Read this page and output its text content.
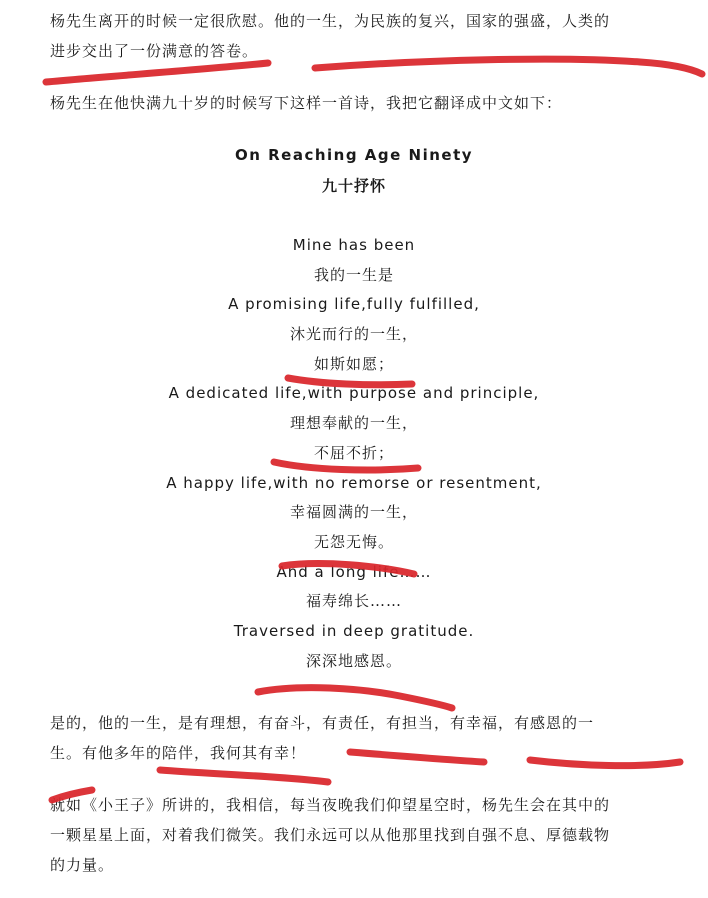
杨先生离开的时候一定很欣慰。他的一生，为民族的复兴，国家的强盛，人类的
进步交出了一份满意的答卷。
杨先生在他快满九十岁的时候写下这样一首诗，我把它翻译成中文如下：
On Reaching Age Ninety
九十抒怀
Mine has been
我的一生是
A promising life,fully fulfilled,
沐光而行的一生，
如斯如愿；
A dedicated life,with purpose and principle,
理想奉献的一生，
不屈不折；
A happy life,with no remorse or resentment,
幸福圆满的一生，
无怨无悔。
And a long life……
福寿绵长……
Traversed in deep gratitude.
深深地感恩。
是的，他的一生，是有理想，有奋斗，有责任，有担当，有幸福，有感恩的一
生。有他多年的陪伴，我何其有幸！
就如《小王子》所讲的，我相信，每当夜晚我们仰望星空时，杨先生会在其中的
一颗星星上面，对着我们微笑。我们永远可以从他那里找到自强不息、厚德载物
的力量。
